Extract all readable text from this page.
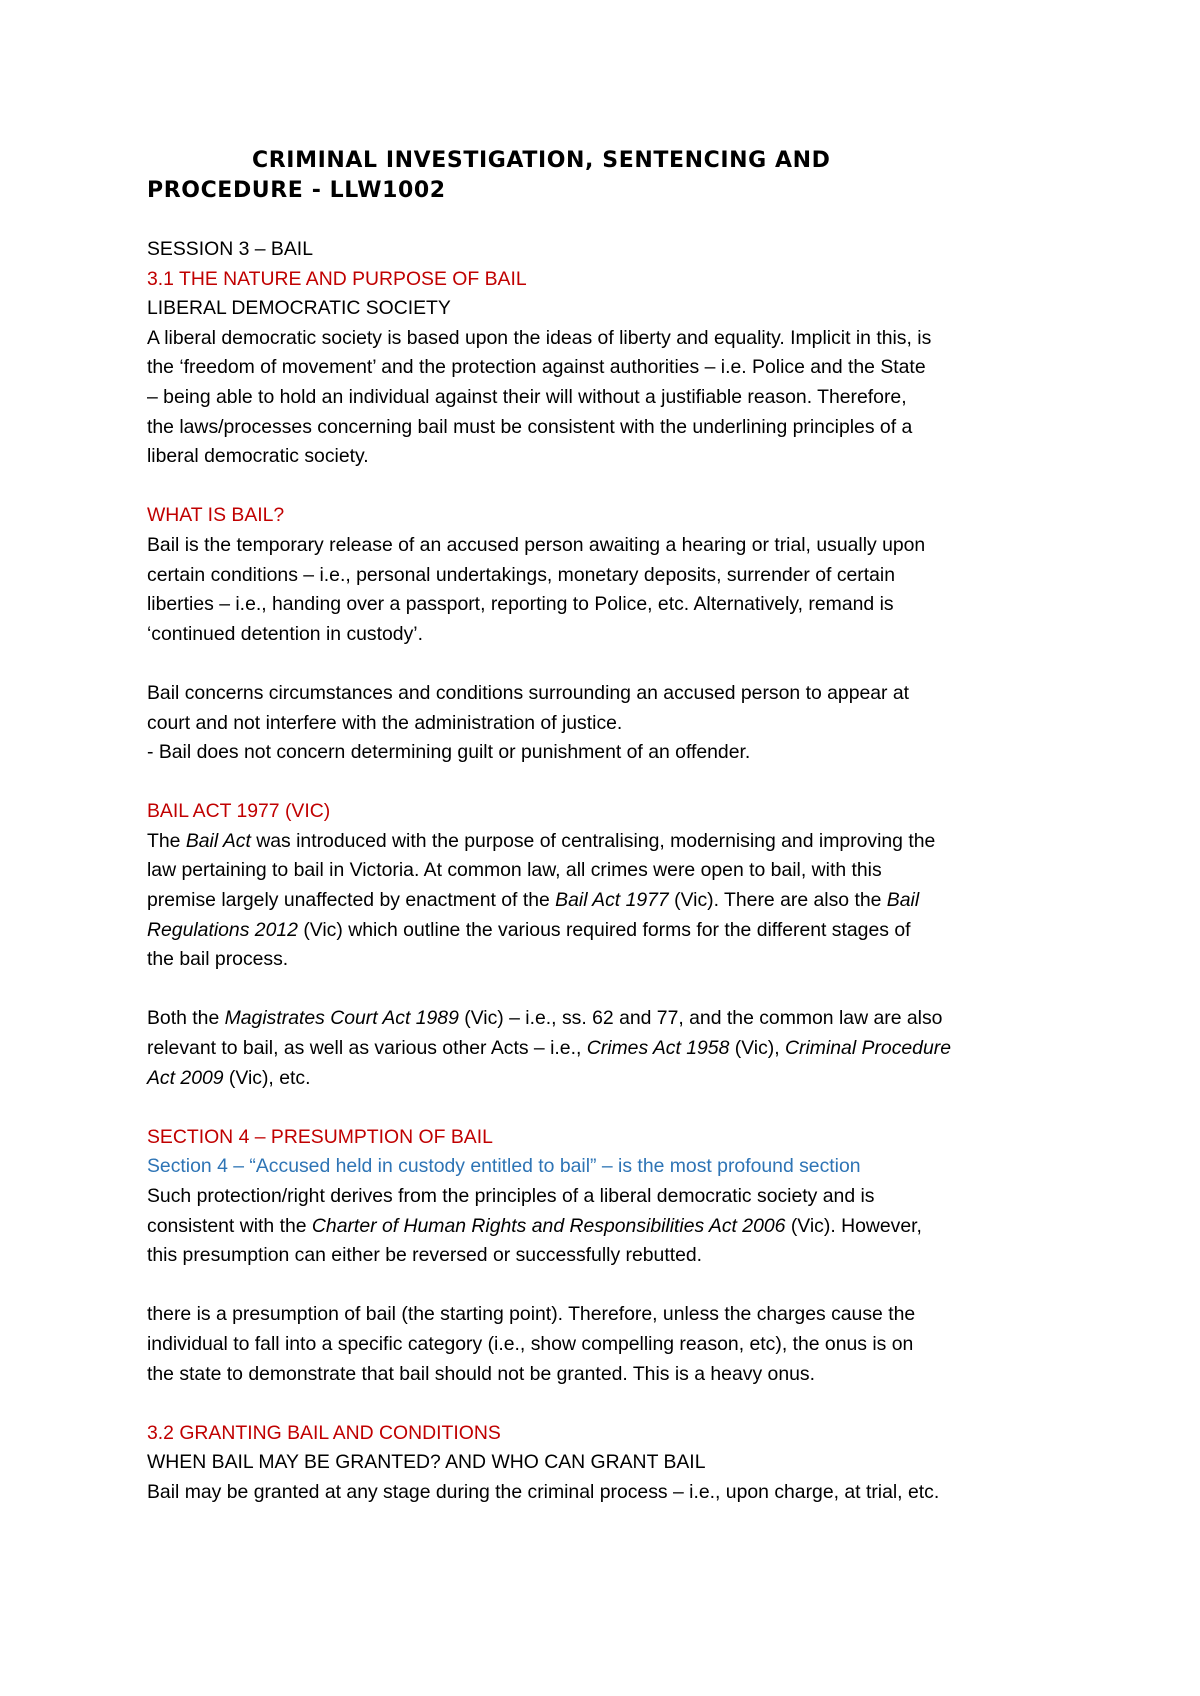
CRIMINAL INVESTIGATION, SENTENCING AND
PROCEDURE - LLW1002

SESSION 3 – BAIL

3.1 THE NATURE AND PURPOSE OF BAIL

LIBERAL DEMOCRATIC SOCIETY

A liberal democratic society is based upon the ideas of liberty and equality. Implicit in this, is

the ‘freedom of movement’ and the protection against authorities – i.e. Police and the State

– being able to hold an individual against their will without a justifiable reason. Therefore,

the laws/processes concerning bail must be consistent with the underlining principles of a

liberal democratic society.

WHAT IS BAIL?

Bail is the temporary release of an accused person awaiting a hearing or trial, usually upon

certain conditions – i.e., personal undertakings, monetary deposits, surrender of certain

liberties – i.e., handing over a passport, reporting to Police, etc. Alternatively, remand is

‘continued detention in custody’.

Bail concerns circumstances and conditions surrounding an accused person to appear at

court and not interfere with the administration of justice.

- Bail does not concern determining guilt or punishment of an offender.

BAIL ACT 1977 (VIC)

The Bail Act was introduced with the purpose of centralising, modernising and improving the

law pertaining to bail in Victoria. At common law, all crimes were open to bail, with this

premise largely unaffected by enactment of the Bail Act 1977 (Vic). There are also the Bail

Regulations 2012 (Vic) which outline the various required forms for the different stages of

the bail process.

Both the Magistrates Court Act 1989 (Vic) – i.e., ss. 62 and 77, and the common law are also

relevant to bail, as well as various other Acts – i.e., Crimes Act 1958 (Vic), Criminal Procedure

Act 2009 (Vic), etc.

SECTION 4 – PRESUMPTION OF BAIL

Section 4 – “Accused held in custody entitled to bail” – is the most profound section

Such protection/right derives from the principles of a liberal democratic society and is

consistent with the Charter of Human Rights and Responsibilities Act 2006 (Vic). However,

this presumption can either be reversed or successfully rebutted.

there is a presumption of bail (the starting point). Therefore, unless the charges cause the

individual to fall into a specific category (i.e., show compelling reason, etc), the onus is on

the state to demonstrate that bail should not be granted. This is a heavy onus.

3.2 GRANTING BAIL AND CONDITIONS

WHEN BAIL MAY BE GRANTED? AND WHO CAN GRANT BAIL

Bail may be granted at any stage during the criminal process – i.e., upon charge, at trial, etc.
